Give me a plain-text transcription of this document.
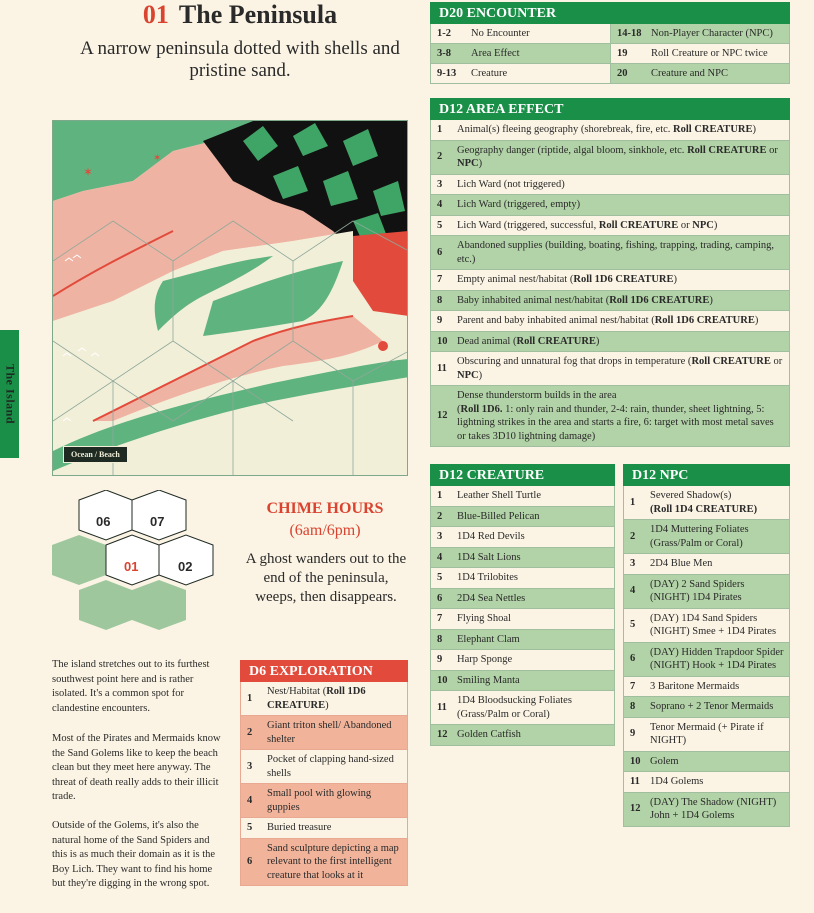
The Island
01 The Peninsula
A narrow peninsula dotted with shells and pristine sand.
✶
✶
Ocean / Beach
06	07
01	02
CHIME HOURS
(6am/6pm)
A ghost wanders out to the end of the peninsula, weeps, then disappears.

The island stretches out to its furthest southwest point here and is rather isolated. It's a common spot for clandestine encounters.

Most of the Pirates and Mermaids know the Sand Golems like to keep the beach clean but they meet here anyway. The threat of death really adds to their illicit trade.

Outside of the Golems, it's also the natural home of the Sand Spiders and this is as much their domain as it is the Boy Lich. They want to find his home but they're digging in the wrong spot.

D20 ENCOUNTER
1-2	No Encounter	14-18 Non-Player Character (NPC)
3-8	Area Effect	19	Roll Creature or NPC twice
9-13	Creature	20	Creature and NPC
D12 AREA EFFECT
1	Animal(s) fleeing geography (shorebreak, fire, etc. Roll CREATURE)
2
Geography danger (riptide, algal bloom, sinkhole, etc. Roll CREATURE or NPC)
3	Lich Ward (not triggered)
4	Lich Ward (triggered, empty)
5	Lich Ward (triggered, successful, Roll CREATURE or NPC)
6
Abandoned supplies (building, boating, fishing, trapping, trading, camping, etc.)
7	Empty animal nest/habitat (Roll 1D6 CREATURE)
8	Baby inhabited animal nest/habitat (Roll 1D6 CREATURE)
9	Parent and baby inhabited animal nest/habitat (Roll 1D6 CREATURE)
10 Dead animal (Roll CREATURE)
11
Obscuring and unnatural fog that drops in temperature (Roll CREATURE or NPC)
12
Dense thunderstorm builds in the area
(Roll 1D6. 1: only rain and thunder, 2-4: rain, thunder, sheet lightning, 5: lightning strikes in the area and starts a fire, 6: target with most metal saves or takes 3D10 lightning damage)
D12 CREATURE
1	Leather Shell Turtle
2	Blue-Billed Pelican
3	1D4 Red Devils
4	1D4 Salt Lions
5	1D4 Trilobites
6	2D4 Sea Nettles
7	Flying Shoal
8	Elephant Clam
9	Harp Sponge
10 Smiling Manta
11
1D4 Bloodsucking Foliates (Grass/Palm or Coral)
12 Golden Catfish
D12 NPC
1
Severed Shadow(s)
(Roll 1D4 CREATURE)
2
1D4 Muttering Foliates (Grass/Palm or Coral)
3	2D4 Blue Men
4
(DAY) 2 Sand Spiders (NIGHT) 1D4 Pirates
5
(DAY) 1D4 Sand Spiders (NIGHT) Smee + 1D4 Pirates
6
(DAY) Hidden Trapdoor Spider (NIGHT) Hook + 1D4 Pirates
7	3 Baritone Mermaids
8	Soprano + 2 Tenor Mermaids
9
Tenor Mermaid (+ Pirate if NIGHT)
10 Golem
11 1D4 Golems
12
(DAY) The Shadow (NIGHT) John + 1D4 Golems
D6 EXPLORATION
1
Nest/Habitat (Roll 1D6 CREATURE)
2
Giant triton shell/ Abandoned shelter
3
Pocket of clapping hand-sized shells
4
Small pool with glowing guppies
5	Buried treasure
6
Sand sculpture depicting a map relevant to the first intelligent creature that looks at it
